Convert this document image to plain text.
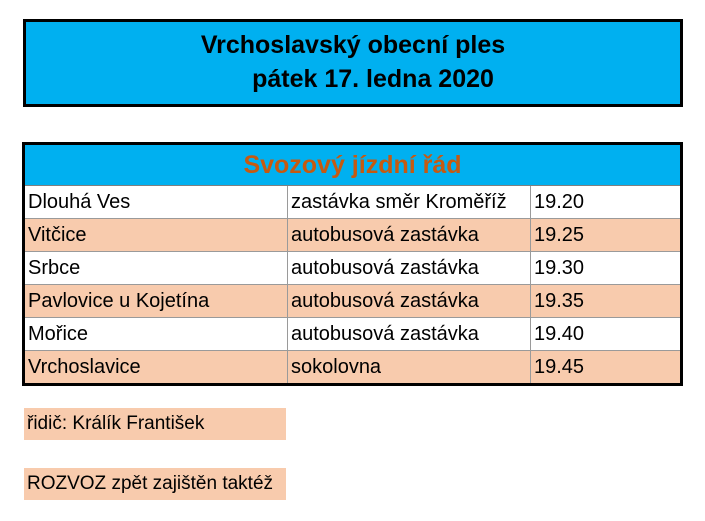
Vrchoslavský obecní ples
pátek 17. ledna 2020
Svozový jízdní řád
Dlouhá Ves	zastávka směr Kroměříž	19.20
Vitčice	autobusová zastávka	19.25
Srbce	autobusová zastávka	19.30
Pavlovice u Kojetína	autobusová zastávka	19.35
Mořice	autobusová zastávka	19.40
Vrchoslavice	sokolovna	19.45
řidič: Králík František
ROZVOZ zpět zajištěn taktéž
